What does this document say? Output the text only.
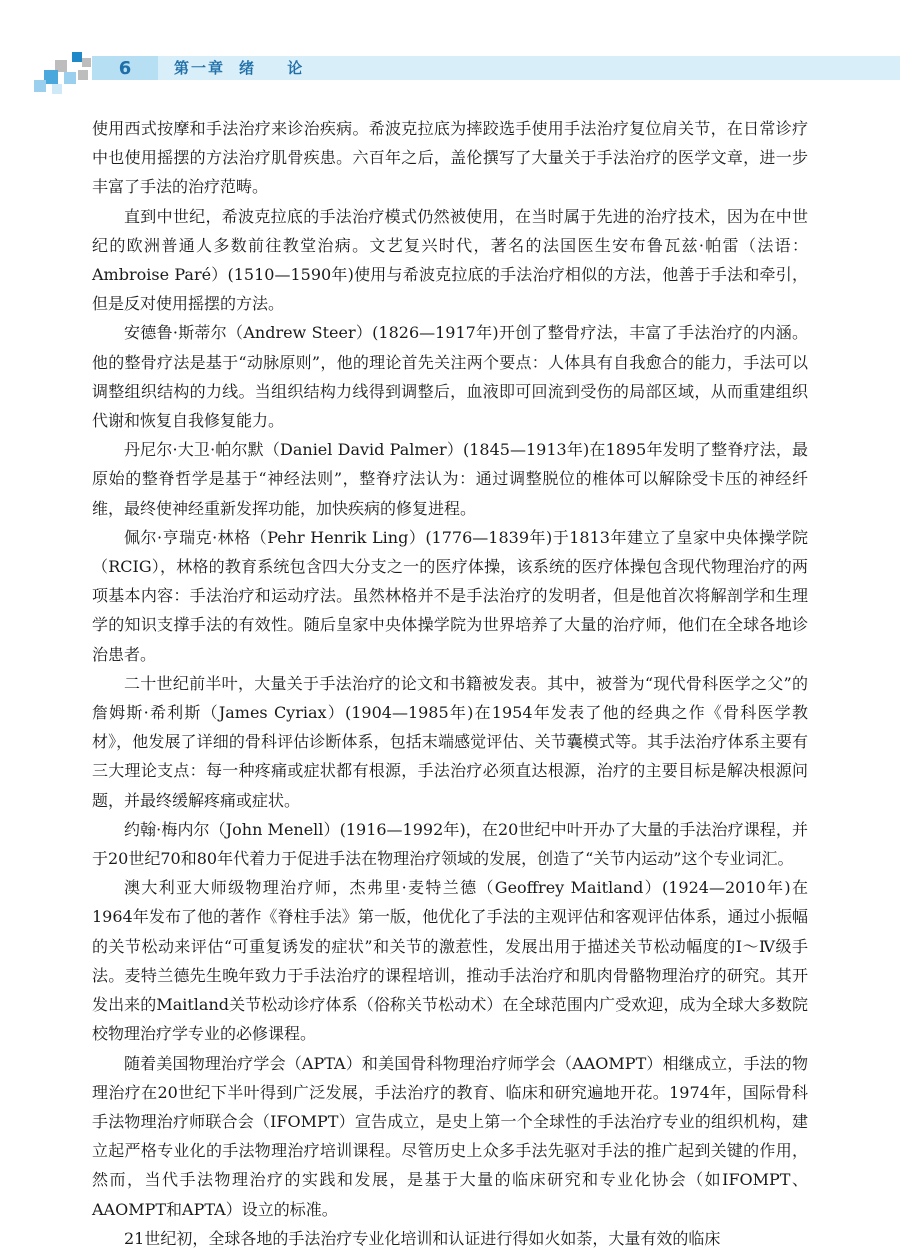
6	第一章 绪 论

使用西式按摩和手法治疗来诊治疾病。希波克拉底为摔跤选手使用手法治疗复位肩关节，在日常诊疗中也使用摇摆的方法治疗肌骨疾患。六百年之后，盖伦撰写了大量关于手法治疗的医学文章，进一步丰富了手法的治疗范畴。

直到中世纪，希波克拉底的手法治疗模式仍然被使用，在当时属于先进的治疗技术，因为在中世纪的欧洲普通人多数前往教堂治病。文艺复兴时代，著名的法国医生安布鲁瓦兹·帕雷（法语：Ambroise Paré）(1510—1590年)使用与希波克拉底的手法治疗相似的方法，他善于手法和牵引，但是反对使用摇摆的方法。

安德鲁·斯蒂尔（Andrew Steer）(1826—1917年)开创了整骨疗法，丰富了手法治疗的内涵。他的整骨疗法是基于“动脉原则”，他的理论首先关注两个要点：人体具有自我愈合的能力，手法可以调整组织结构的力线。当组织结构力线得到调整后，血液即可回流到受伤的局部区域，从而重建组织代谢和恢复自我修复能力。

丹尼尔·大卫·帕尔默（Daniel David Palmer）(1845—1913年)在1895年发明了整脊疗法，最原始的整脊哲学是基于“神经法则”，整脊疗法认为：通过调整脱位的椎体可以解除受卡压的神经纤维，最终使神经重新发挥功能，加快疾病的修复进程。

佩尔·亨瑞克·林格（Pehr Henrik Ling）(1776—1839年)于1813年建立了皇家中央体操学院（RCIG），林格的教育系统包含四大分支之一的医疗体操，该系统的医疗体操包含现代物理治疗的两项基本内容：手法治疗和运动疗法。虽然林格并不是手法治疗的发明者，但是他首次将解剖学和生理学的知识支撑手法的有效性。随后皇家中央体操学院为世界培养了大量的治疗师，他们在全球各地诊治患者。

二十世纪前半叶，大量关于手法治疗的论文和书籍被发表。其中，被誉为“现代骨科医学之父”的詹姆斯·希利斯（James Cyriax）(1904—1985年)在1954年发表了他的经典之作《骨科医学教材》，他发展了详细的骨科评估诊断体系，包括末端感觉评估、关节囊模式等。其手法治疗体系主要有三大理论支点：每一种疼痛或症状都有根源，手法治疗必须直达根源，治疗的主要目标是解决根源问题，并最终缓解疼痛或症状。

约翰·梅内尔（John Menell）(1916—1992年)，在20世纪中叶开办了大量的手法治疗课程，并于20世纪70和80年代着力于促进手法在物理治疗领域的发展，创造了“关节内运动”这个专业词汇。

澳大利亚大师级物理治疗师，杰弗里·麦特兰德（Geoffrey Maitland）(1924—2010年)在1964年发布了他的著作《脊柱手法》第一版，他优化了手法的主观评估和客观评估体系，通过小振幅的关节松动来评估“可重复诱发的症状”和关节的激惹性，发展出用于描述关节松动幅度的Ⅰ～Ⅳ级手法。麦特兰德先生晚年致力于手法治疗的课程培训，推动手法治疗和肌肉骨骼物理治疗的研究。其开发出来的Maitland关节松动诊疗体系（俗称关节松动术）在全球范围内广受欢迎，成为全球大多数院校物理治疗学专业的必修课程。

随着美国物理治疗学会（APTA）和美国骨科物理治疗师学会（AAOMPT）相继成立，手法的物理治疗在20世纪下半叶得到广泛发展，手法治疗的教育、临床和研究遍地开花。1974年，国际骨科手法物理治疗师联合会（IFOMPT）宣告成立，是史上第一个全球性的手法治疗专业的组织机构，建立起严格专业化的手法物理治疗培训课程。尽管历史上众多手法先驱对手法的推广起到关键的作用，然而，当代手法物理治疗的实践和发展，是基于大量的临床研究和专业化协会（如IFOMPT、AAOMPT和APTA）设立的标准。

21世纪初，全球各地的手法治疗专业化培训和认证进行得如火如荼，大量有效的临床
